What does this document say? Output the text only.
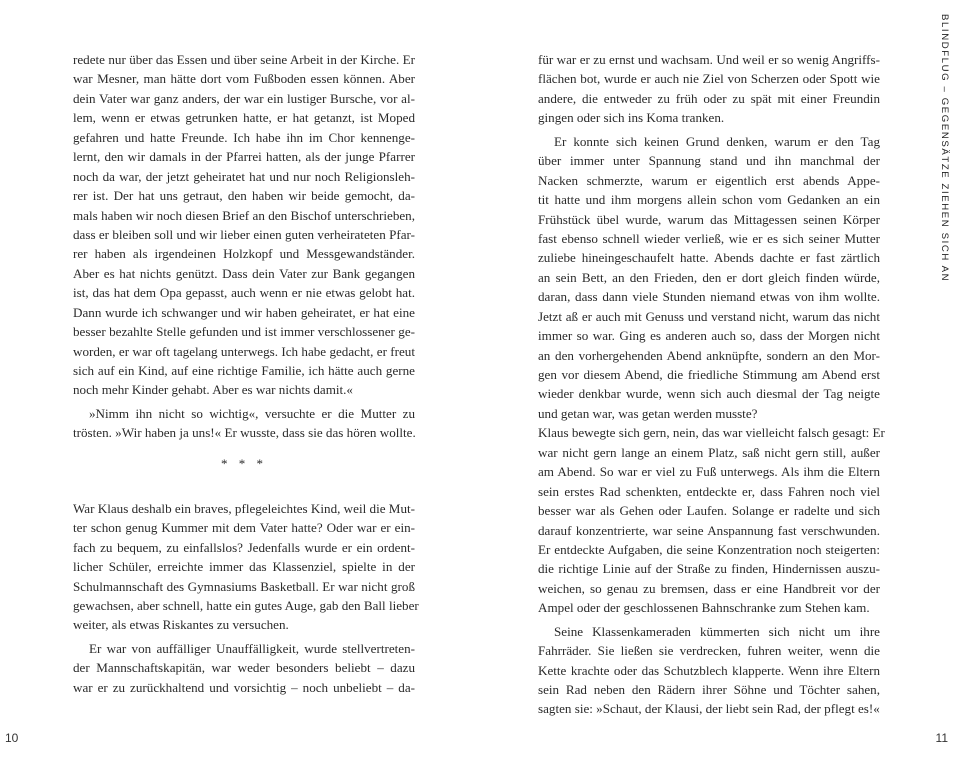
redete nur über das Essen und über seine Arbeit in der Kirche. Er
war Mesner, man hätte dort vom Fußboden essen können. Aber
dein Vater war ganz anders, der war ein lustiger Bursche, vor al-
lem, wenn er etwas getrunken hatte, er hat getanzt, ist Moped
gefahren und hatte Freunde. Ich habe ihn im Chor kennenge-
lernt, den wir damals in der Pfarrei hatten, als der junge Pfarrer
noch da war, der jetzt geheiratet hat und nur noch Religionsleh-
rer ist. Der hat uns getraut, den haben wir beide gemocht, da-
mals haben wir noch diesen Brief an den Bischof unterschrieben,
dass er bleiben soll und wir lieber einen guten verheirateten Pfar-
rer haben als irgendeinen Holzkopf und Messgewandständer.
Aber es hat nichts genützt. Dass dein Vater zur Bank gegangen
ist, das hat dem Opa gepasst, auch wenn er nie etwas gelobt hat.
Dann wurde ich schwanger und wir haben geheiratet, er hat eine
besser bezahlte Stelle gefunden und ist immer verschlossener ge-
worden, er war oft tagelang unterwegs. Ich habe gedacht, er freut
sich auf ein Kind, auf eine richtige Familie, ich hätte auch gerne
noch mehr Kinder gehabt. Aber es war nichts damit.«
»Nimm ihn nicht so wichtig«, versuchte er die Mutter zu
trösten. »Wir haben ja uns!« Er wusste, dass sie das hören wollte.
* * *
War Klaus deshalb ein braves, pflegeleichtes Kind, weil die Mut-
ter schon genug Kummer mit dem Vater hatte? Oder war er ein-
fach zu bequem, zu einfallslos? Jedenfalls wurde er ein ordent-
licher Schüler, erreichte immer das Klassenziel, spielte in der
Schulmannschaft des Gymnasiums Basketball. Er war nicht groß
gewachsen, aber schnell, hatte ein gutes Auge, gab den Ball lieber
weiter, als etwas Riskantes zu versuchen.
Er war von auffälliger Unauffälligkeit, wurde stellvertreten-
der Mannschaftskapitän, war weder besonders beliebt – dazu
war er zu zurückhaltend und vorsichtig – noch unbeliebt – da-
für war er zu ernst und wachsam. Und weil er so wenig Angriffs-
flächen bot, wurde er auch nie Ziel von Scherzen oder Spott wie
andere, die entweder zu früh oder zu spät mit einer Freundin
gingen oder sich ins Koma tranken.
Er konnte sich keinen Grund denken, warum er den Tag
über immer unter Spannung stand und ihn manchmal der
Nacken schmerzte, warum er eigentlich erst abends Appe-
tit hatte und ihm morgens allein schon vom Gedanken an ein
Frühstück übel wurde, warum das Mittagessen seinen Körper
fast ebenso schnell wieder verließ, wie er es sich seiner Mutter
zuliebe hineingeschaufelt hatte. Abends dachte er fast zärtlich
an sein Bett, an den Frieden, den er dort gleich finden würde,
daran, dass dann viele Stunden niemand etwas von ihm wollte.
Jetzt aß er auch mit Genuss und verstand nicht, warum das nicht
immer so war. Ging es anderen auch so, dass der Morgen nicht
an den vorhergehenden Abend anknüpfte, sondern an den Mor-
gen vor diesem Abend, die friedliche Stimmung am Abend erst
wieder denkbar wurde, wenn sich auch diesmal der Tag neigte
und getan war, was getan werden musste?
Klaus bewegte sich gern, nein, das war vielleicht falsch gesagt: Er
war nicht gern lange an einem Platz, saß nicht gern still, außer
am Abend. So war er viel zu Fuß unterwegs. Als ihm die Eltern
sein erstes Rad schenkten, entdeckte er, dass Fahren noch viel
besser war als Gehen oder Laufen. Solange er radelte und sich
darauf konzentrierte, war seine Anspannung fast verschwunden.
Er entdeckte Aufgaben, die seine Konzentration noch steigerten:
die richtige Linie auf der Straße zu finden, Hindernissen auszu-
weichen, so genau zu bremsen, dass er eine Handbreit vor der
Ampel oder der geschlossenen Bahnschranke zum Stehen kam.
Seine Klassenkameraden kümmerten sich nicht um ihre
Fahrräder. Sie ließen sie verdrecken, fuhren weiter, wenn die
Kette krachte oder das Schutzblech klapperte. Wenn ihre Eltern
sein Rad neben den Rädern ihrer Söhne und Töchter sahen,
sagten sie: »Schaut, der Klausi, der liebt sein Rad, der pflegt es!«
BLINDFLUG – GEGENSÄTZE ZIEHEN SICH AN
10	11
